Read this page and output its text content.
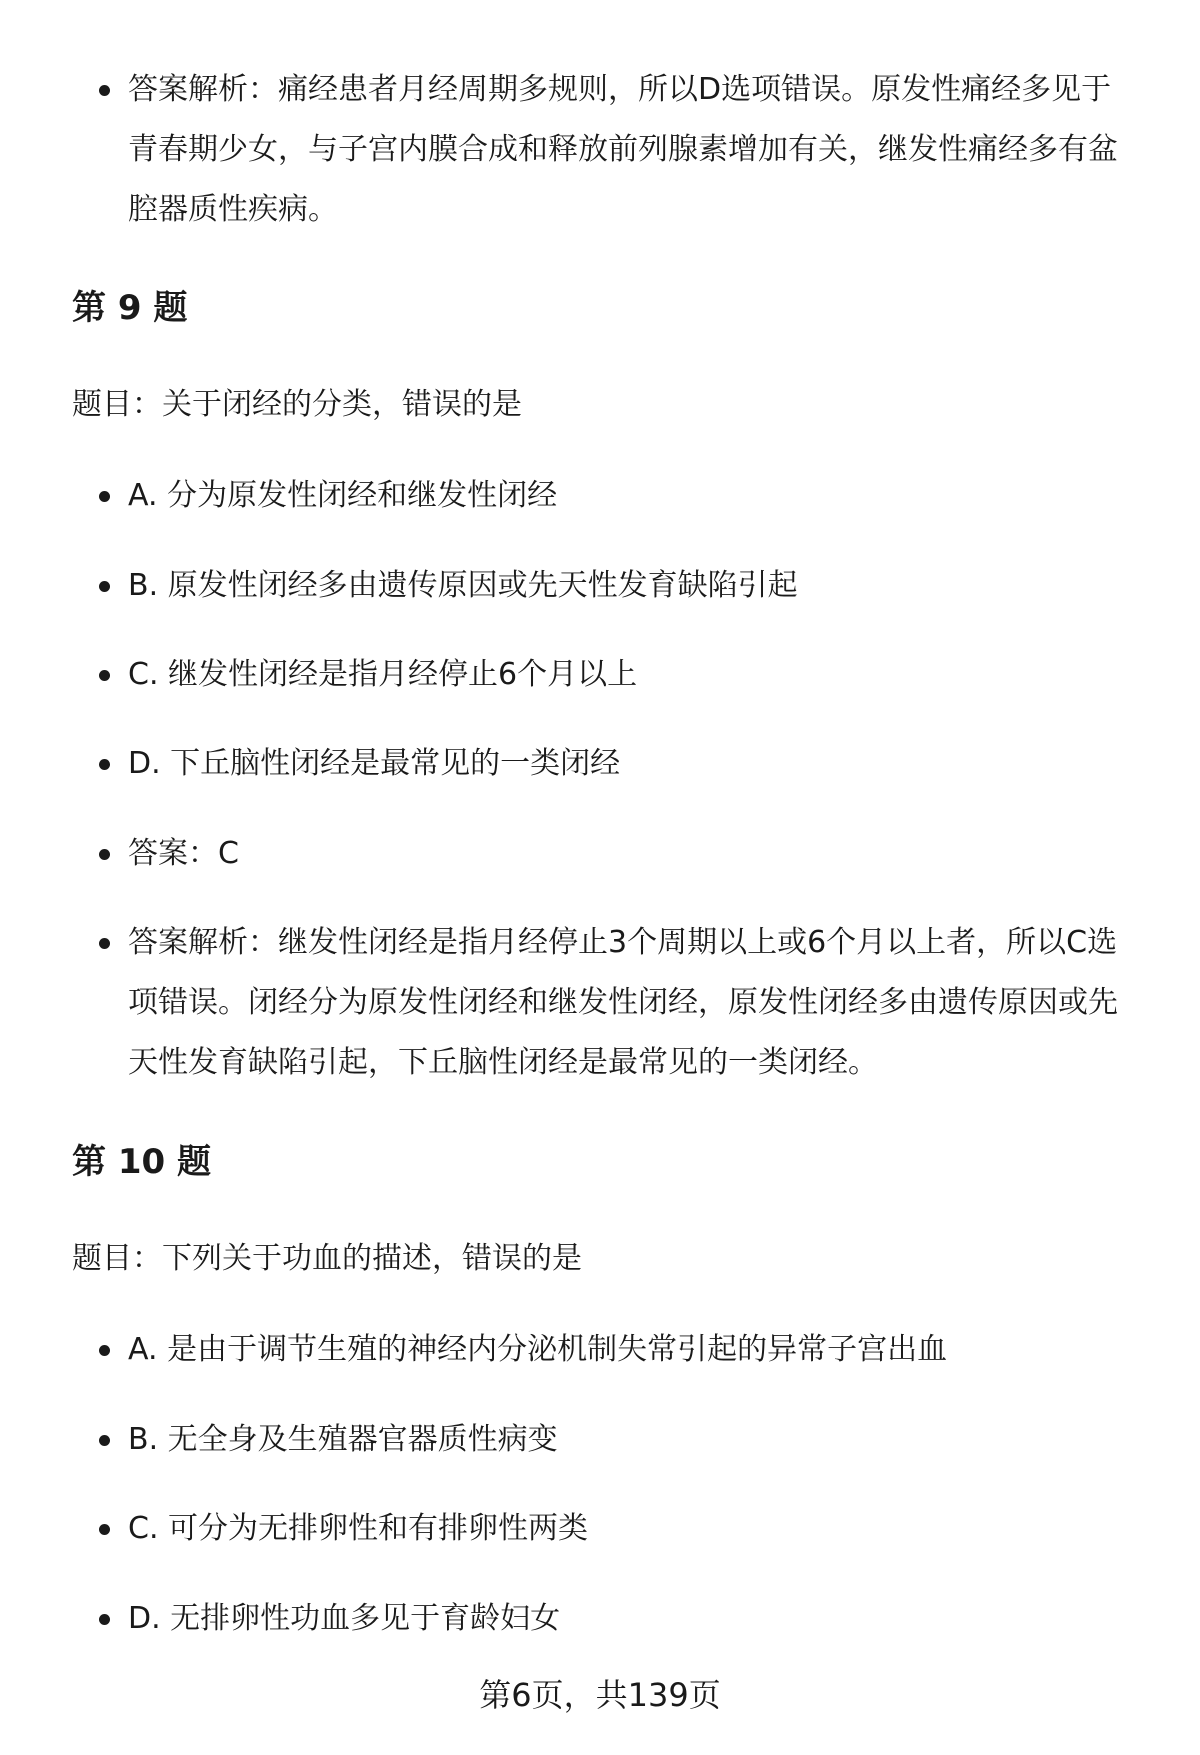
答案解析：痛经患者月经周期多规则，所以D选项错误。原发性痛经多见于青春期少女，与子宫内膜合成和释放前列腺素增加有关，继发性痛经多有盆腔器质性疾病。
第 9 题
题目：关于闭经的分类，错误的是
A. 分为原发性闭经和继发性闭经
B. 原发性闭经多由遗传原因或先天性发育缺陷引起
C. 继发性闭经是指月经停止6个月以上
D. 下丘脑性闭经是最常见的一类闭经
答案：C
答案解析：继发性闭经是指月经停止3个周期以上或6个月以上者，所以C选项错误。闭经分为原发性闭经和继发性闭经，原发性闭经多由遗传原因或先天性发育缺陷引起，下丘脑性闭经是最常见的一类闭经。
第 10 题
题目：下列关于功血的描述，错误的是
A. 是由于调节生殖的神经内分泌机制失常引起的异常子宫出血
B. 无全身及生殖器官器质性病变
C. 可分为无排卵性和有排卵性两类
D. 无排卵性功血多见于育龄妇女
第6页，共139页
